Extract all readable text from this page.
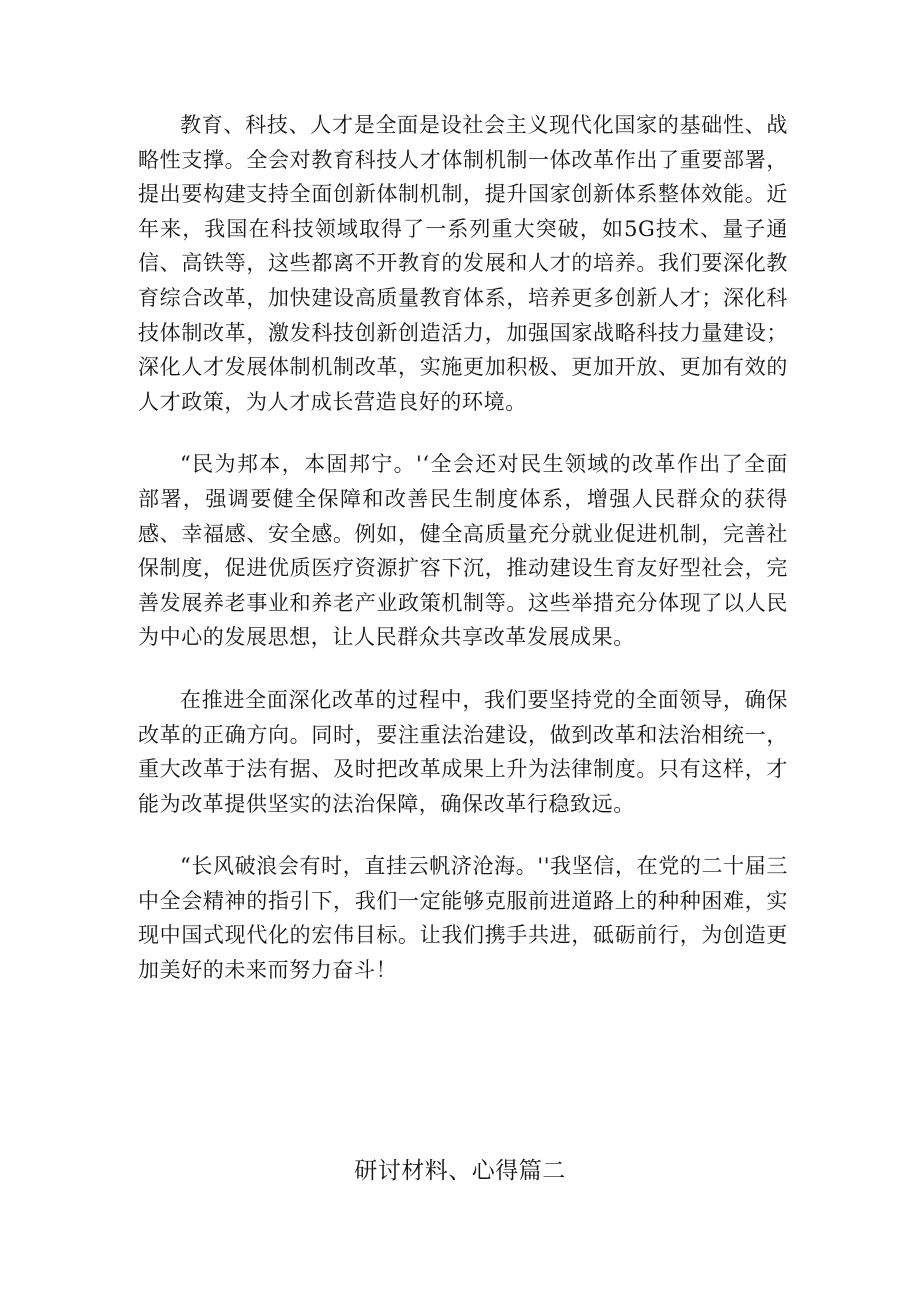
教育、科技、人才是全面是设社会主义现代化国家的基础性、战略性支撑。全会对教育科技人才体制机制一体改革作出了重要部署，提出要构建支持全面创新体制机制，提升国家创新体系整体效能。近年来，我国在科技领域取得了一系列重大突破，如5G技术、量子通信、高铁等，这些都离不开教育的发展和人才的培养。我们要深化教育综合改革，加快建设高质量教育体系，培养更多创新人才；深化科技体制改革，激发科技创新创造活力，加强国家战略科技力量建设；深化人才发展体制机制改革，实施更加积极、更加开放、更加有效的人才政策，为人才成长营造良好的环境。

“民为邦本，本固邦宁。'‘全会还对民生领域的改革作出了全面部署，强调要健全保障和改善民生制度体系，增强人民群众的获得感、幸福感、安全感。例如，健全高质量充分就业促进机制，完善社保制度，促进优质医疗资源扩容下沉，推动建设生育友好型社会，完善发展养老事业和养老产业政策机制等。这些举措充分体现了以人民为中心的发展思想，让人民群众共享改革发展成果。

在推进全面深化改革的过程中，我们要坚持党的全面领导，确保改革的正确方向。同时，要注重法治建设，做到改革和法治相统一，重大改革于法有据、及时把改革成果上升为法律制度。只有这样，才能为改革提供坚实的法治保障，确保改革行稳致远。

“长风破浪会有时，直挂云帆济沧海。''我坚信，在党的二十届三中全会精神的指引下，我们一定能够克服前进道路上的种种困难，实现中国式现代化的宏伟目标。让我们携手共进，砥砺前行，为创造更加美好的未来而努力奋斗！

研讨材料、心得篇二
